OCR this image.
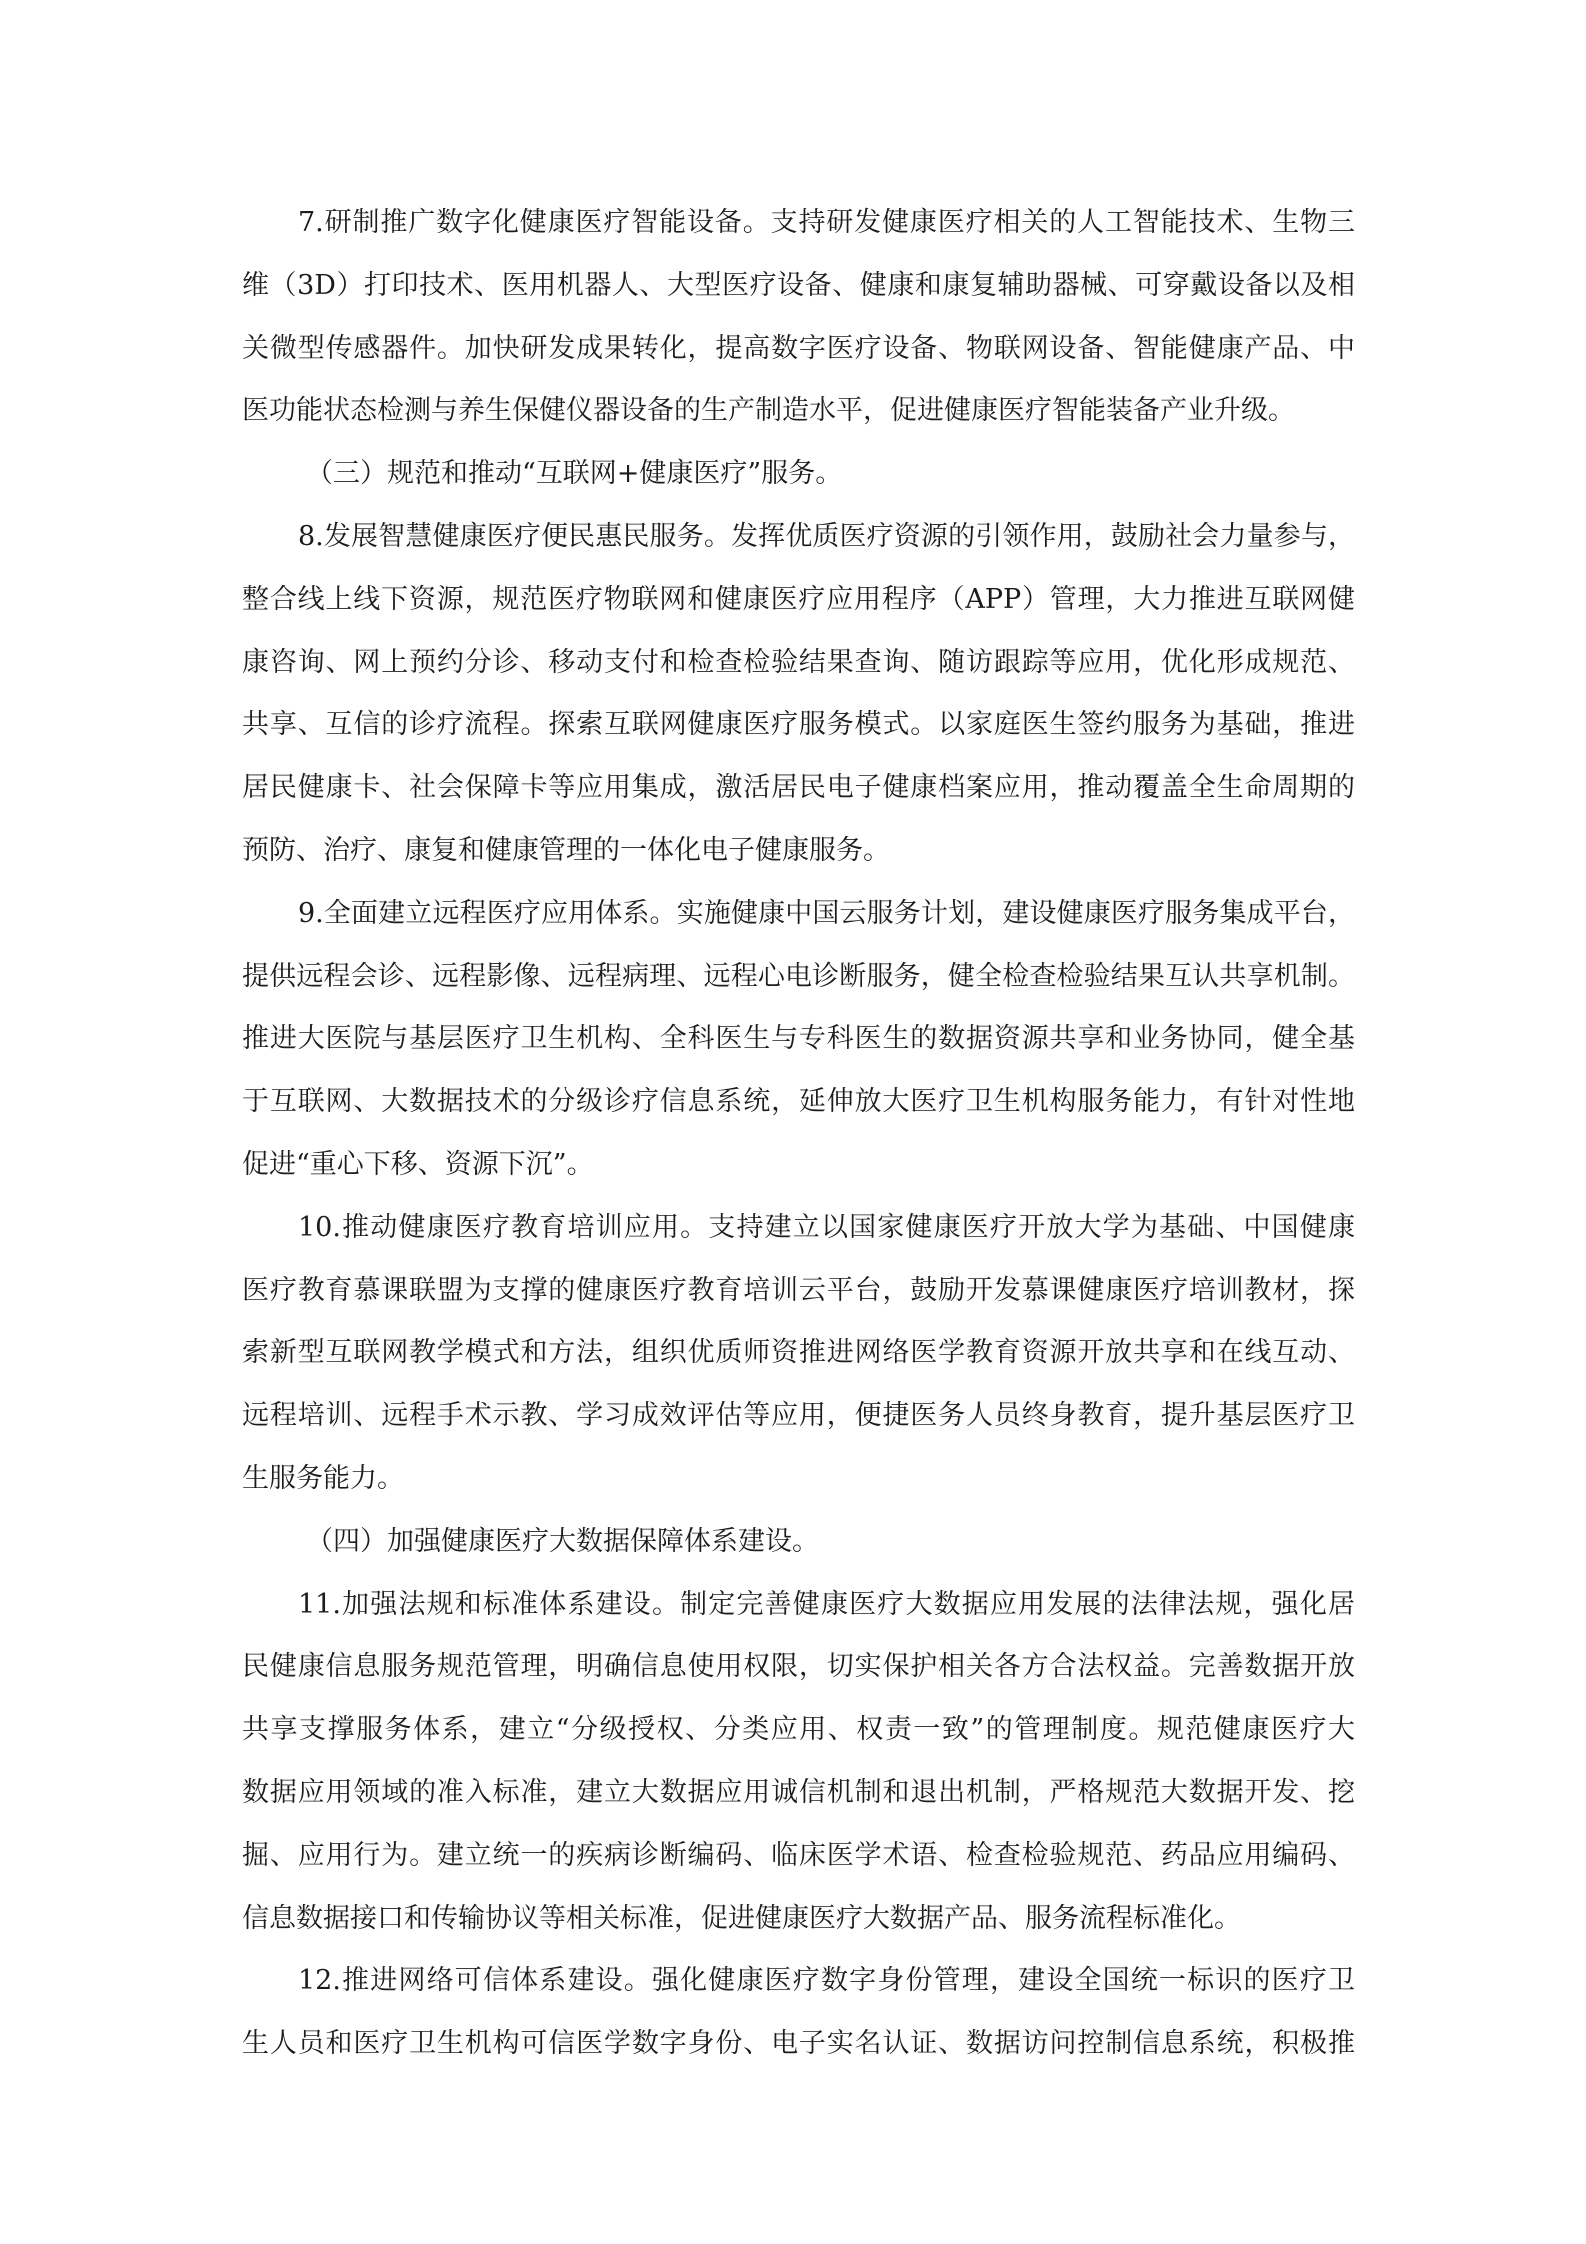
7.研制推广数字化健康医疗智能设备。支持研发健康医疗相关的人工智能技术、生物三
维（3D）打印技术、医用机器人、大型医疗设备、健康和康复辅助器械、可穿戴设备以及相
关微型传感器件。加快研发成果转化，提高数字医疗设备、物联网设备、智能健康产品、中
医功能状态检测与养生保健仪器设备的生产制造水平，促进健康医疗智能装备产业升级。
（三）规范和推动“互联网+健康医疗”服务。
8.发展智慧健康医疗便民惠民服务。发挥优质医疗资源的引领作用，鼓励社会力量参与，
整合线上线下资源，规范医疗物联网和健康医疗应用程序（APP）管理，大力推进互联网健
康咨询、网上预约分诊、移动支付和检查检验结果查询、随访跟踪等应用，优化形成规范、
共享、互信的诊疗流程。探索互联网健康医疗服务模式。以家庭医生签约服务为基础，推进
居民健康卡、社会保障卡等应用集成，激活居民电子健康档案应用，推动覆盖全生命周期的
预防、治疗、康复和健康管理的一体化电子健康服务。
9.全面建立远程医疗应用体系。实施健康中国云服务计划，建设健康医疗服务集成平台，
提供远程会诊、远程影像、远程病理、远程心电诊断服务，健全检查检验结果互认共享机制。
推进大医院与基层医疗卫生机构、全科医生与专科医生的数据资源共享和业务协同，健全基
于互联网、大数据技术的分级诊疗信息系统，延伸放大医疗卫生机构服务能力，有针对性地
促进“重心下移、资源下沉”。
10.推动健康医疗教育培训应用。支持建立以国家健康医疗开放大学为基础、中国健康
医疗教育慕课联盟为支撑的健康医疗教育培训云平台，鼓励开发慕课健康医疗培训教材，探
索新型互联网教学模式和方法，组织优质师资推进网络医学教育资源开放共享和在线互动、
远程培训、远程手术示教、学习成效评估等应用，便捷医务人员终身教育，提升基层医疗卫
生服务能力。
（四）加强健康医疗大数据保障体系建设。
11.加强法规和标准体系建设。制定完善健康医疗大数据应用发展的法律法规，强化居
民健康信息服务规范管理，明确信息使用权限，切实保护相关各方合法权益。完善数据开放
共享支撑服务体系，建立“分级授权、分类应用、权责一致”的管理制度。规范健康医疗大
数据应用领域的准入标准，建立大数据应用诚信机制和退出机制，严格规范大数据开发、挖
掘、应用行为。建立统一的疾病诊断编码、临床医学术语、检查检验规范、药品应用编码、
信息数据接口和传输协议等相关标准，促进健康医疗大数据产品、服务流程标准化。
12.推进网络可信体系建设。强化健康医疗数字身份管理，建设全国统一标识的医疗卫
生人员和医疗卫生机构可信医学数字身份、电子实名认证、数据访问控制信息系统，积极推
